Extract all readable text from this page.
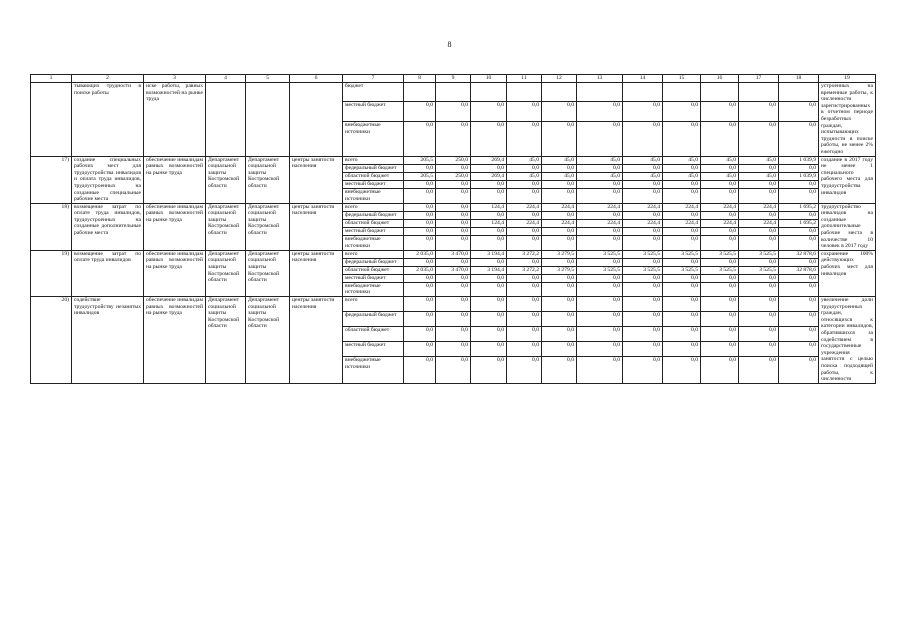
8
1	2	3	4	5	6	7	8	9	10	11	12	13	14	15	16	17	18	19
	тывающих трудности в поиске работы	иске работы, равных возможностей на рынке труда				бюджет												устроенных на временные работы, к численности зарегистрированных в отчетном периоде безработных граждан, испытывающих трудности в поиске работы, не менее 2% ежегодно
						местный бюджет	0,0	0,0	0,0	0,0	0,0	0,0	0,0	0,0	0,0	0,0	0,0	
						внебюджетные источники	0,0	0,0	0,0	0,0	0,0	0,0	0,0	0,0	0,0	0,0	0,0	
17)	создание специальных рабочих мест для трудоустройства инвалидов и оплата труда инвалидов, трудоустроенных на созданные специальные рабочие места	обеспечение инвалидам равных возможностей на рынке труда	Департамент социальной защиты Костромской области	Департамент социальной защиты Костромской области	центры занятости населения	всего	205,5	250,0	269,4	45,0	45,0	45,0	45,0	45,0	45,0	45,0	1 039,9	создание в 2017 году не менее 1 специального рабочего места для трудоустройства инвалидов
						федеральный бюджет	0,0	0,0	0,0	0,0	0,0	0,0	0,0	0,0	0,0	0,0	0,0	
						областной бюджет	205,5	250,0	269,4	45,0	45,0	45,0	45,0	45,0	45,0	45,0	1 039,9	
						местный бюджет	0,0	0,0	0,0	0,0	0,0	0,0	0,0	0,0	0,0	0,0	0,0	
						внебюджетные источники	0,0	0,0	0,0	0,0	0,0	0,0	0,0	0,0	0,0	0,0	0,0	
18)	возмещение затрат по оплате труда инвалидов, трудоустроенных на созданные дополнительные рабочие места	обеспечение инвалидам равных возможностей на рынке труда	Департамент социальной защиты Костромской области	Департамент социальной защиты Костромской области	центры занятости населения	всего	0,0	0,0	124,4	224,4	224,4	224,4	224,4	224,4	224,4	224,4	1 695,2	трудоустройство инвалидов на созданные дополнительные рабочие места в количестве 10 человек в 2017 году
						федеральный бюджет	0,0	0,0	0,0	0,0	0,0	0,0	0,0	0,0	0,0	0,0	0,0	
						областной бюджет	0,0	0,0	124,4	224,4	224,4	224,4	224,4	224,4	224,4	224,4	1 695,2	
						местный бюджет	0,0	0,0	0,0	0,0	0,0	0,0	0,0	0,0	0,0	0,0	0,0	
						внебюджетные источники	0,0	0,0	0,0	0,0	0,0	0,0	0,0	0,0	0,0	0,0	0,0	
19)	возмещение затрат по оплате труда инвалидов	обеспечение инвалидам равных возможностей на рынке труда	Департамент социальной защиты Костромской области	Департамент социальной защиты Костромской области	центры занятости населения	всего	2 035,0	3 470,0	3 194,4	3 272,2	3 279,5	3 525,5	3 525,5	3 525,5	3 525,5	3 525,5	32 878,6	сохранение 100% действующих рабочих мест для инвалидов
						федеральный бюджет	0,0	0,0	0,0	0,0	0,0	0,0	0,0	0,0	0,0	0,0	0,0	
						областной бюджет	2 035,0	3 470,0	3 194,4	3 272,2	3 279,5	3 525,5	3 525,5	3 525,5	3 525,5	3 525,5	32 878,6	
						местный бюджет	0,0	0,0	0,0	0,0	0,0	0,0	0,0	0,0	0,0	0,0	0,0	
						внебюджетные источники	0,0	0,0	0,0	0,0	0,0	0,0	0,0	0,0	0,0	0,0	0,0	
20)	содействие трудоустройству незанятых инвалидов	обеспечение инвалидам равных возможностей на рынке труда	Департамент социальной защиты Костромской области	Департамент социальной защиты Костромской области	центры занятости населения	всего	0,0	0,0	0,0	0,0	0,0	0,0	0,0	0,0	0,0	0,0	0,0	увеличение доли трудоустроенных граждан, относящихся к категории инвалидов, обратившихся за содействием в государственные учреждения занятости с целью поиска подходящей работы, к численности
						федеральный бюджет	0,0	0,0	0,0	0,0	0,0	0,0	0,0	0,0	0,0	0,0	0,0	
						областной бюджет	0,0	0,0	0,0	0,0	0,0	0,0	0,0	0,0	0,0	0,0	0,0	
						местный бюджет	0,0	0,0	0,0	0,0	0,0	0,0	0,0	0,0	0,0	0,0	0,0	
						внебюджетные источники	0,0	0,0	0,0	0,0	0,0	0,0	0,0	0,0	0,0	0,0	0,0	
